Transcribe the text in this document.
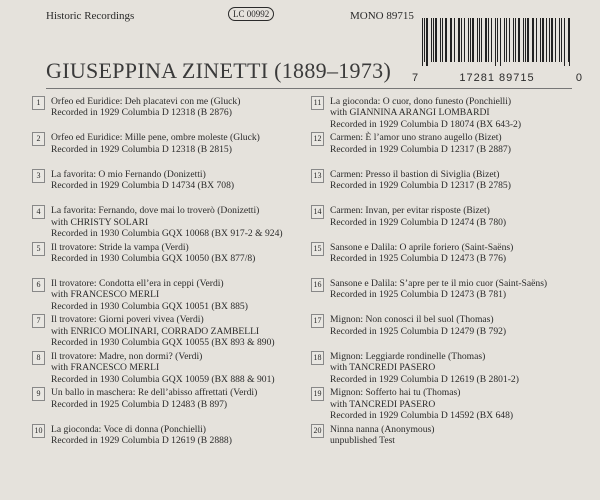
Historic Recordings	LC 00992	MONO 89715
GIUSEPPINA ZINETTI (1889–1973) 7	17281 89715	0
1	Orfeo ed Euridice: Deh placatevi con me (Gluck)
Recorded in 1929 Columbia D 12318 (B 2876)
2	Orfeo ed Euridice: Mille pene, ombre moleste (Gluck)
Recorded in 1929 Columbia D 12318 (B 2815)
3	La favorita: O mio Fernando (Donizetti)
Recorded in 1929 Columbia D 14734 (BX 708)
4	La favorita: Fernando, dove mai lo troverò (Donizetti)
with CHRISTY SOLARI
Recorded in 1930 Columbia GQX 10068 (BX 917-2 & 924)
5	Il trovatore: Stride la vampa (Verdi)
Recorded in 1930 Columbia GQX 10050 (BX 877/8)
6	Il trovatore: Condotta ell’era in ceppi (Verdi)
with FRANCESCO MERLI
Recorded in 1930 Columbia GQX 10051 (BX 885)
7	Il trovatore: Giorni poveri vivea (Verdi)
with ENRICO MOLINARI, CORRADO ZAMBELLI
Recorded in 1930 Columbia GQX 10055 (BX 893 & 890)
8	Il trovatore: Madre, non dormi? (Verdi)
with FRANCESCO MERLI
Recorded in 1930 Columbia GQX 10059 (BX 888 & 901)
9	Un ballo in maschera: Re dell’abisso affrettati (Verdi)
Recorded in 1925 Columbia D 12483 (B 897)
10 La gioconda: Voce di donna (Ponchielli)
Recorded in 1929 Columbia D 12619 (B 2888)
11 La gioconda: O cuor, dono funesto (Ponchielli)
with GIANNINA ARANGI LOMBARDI
Recorded in 1929 Columbia D 18074 (BX 643-2)
12 Carmen: È l’amor uno strano augello (Bizet)
Recorded in 1929 Columbia D 12317 (B 2887)
13 Carmen: Presso il bastion di Siviglia (Bizet)
Recorded in 1929 Columbia D 12317 (B 2785)
14 Carmen: Invan, per evitar risposte (Bizet)
Recorded in 1929 Columbia D 12474 (B 780)
15 Sansone e Dalila: O aprile foriero (Saint-Saëns)
Recorded in 1925 Columbia D 12473 (B 776)
16 Sansone e Dalila: S’apre per te il mio cuor (Saint-Saëns)
Recorded in 1925 Columbia D 12473 (B 781)
17 Mignon: Non conosci il bel suol (Thomas)
Recorded in 1925 Columbia D 12479 (B 792)
18 Mignon: Leggiarde rondinelle (Thomas)
with TANCREDI PASERO
Recorded in 1929 Columbia D 12619 (B 2801-2)
19 Mignon: Sofferto hai tu (Thomas)
with TANCREDI PASERO
Recorded in 1929 Columbia D 14592 (BX 648)
20 Ninna nanna (Anonymous)
unpublished Test
